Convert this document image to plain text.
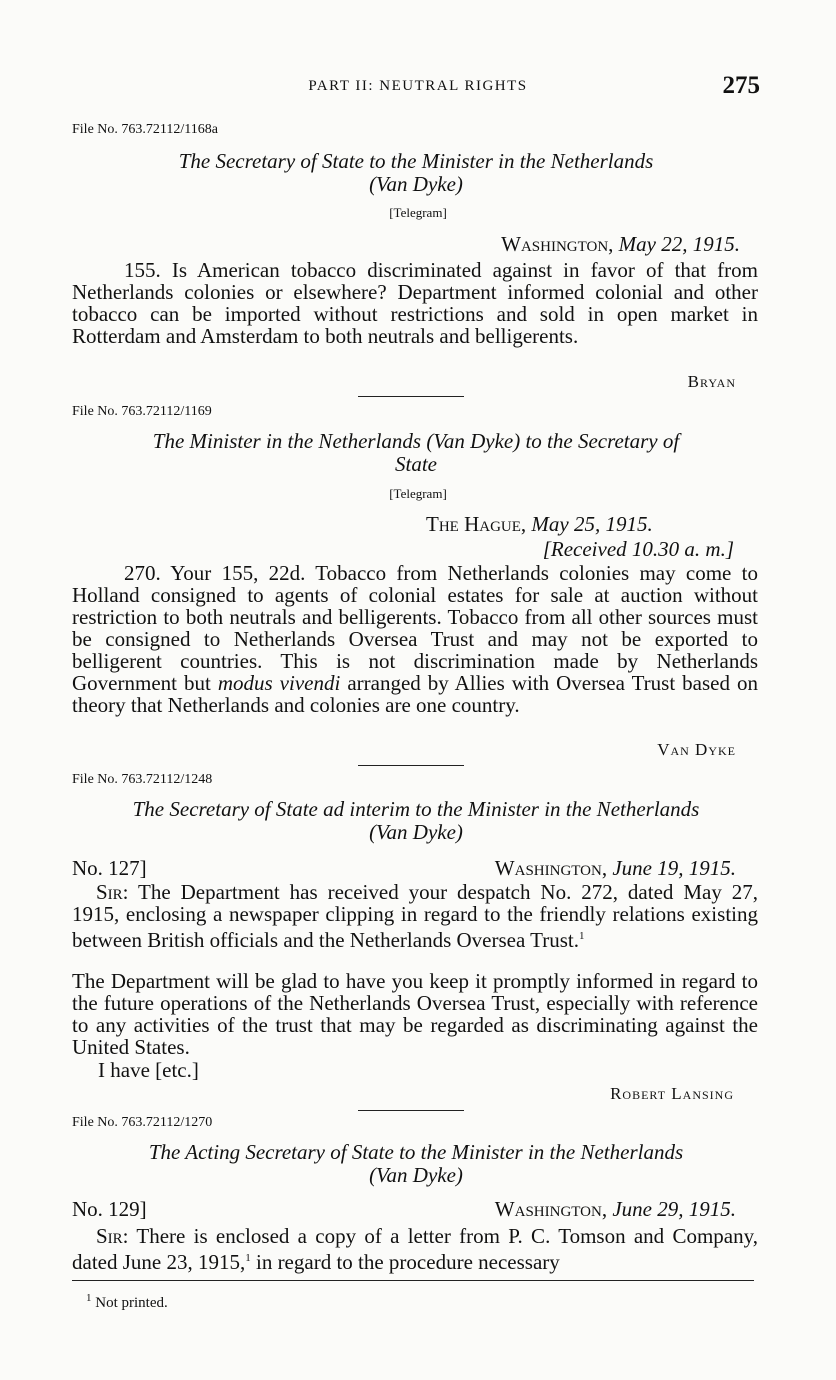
PART II: NEUTRAL RIGHTS	275
File No. 763.72112/1168a
The Secretary of State to the Minister in the Netherlands
(Van Dyke)
[Telegram]
Washington, May 22, 1915.
155. Is American tobacco discriminated against in favor of that from Netherlands colonies or elsewhere? Department informed colonial and other tobacco can be imported without restrictions and sold in open market in Rotterdam and Amsterdam to both neutrals and belligerents.
Bryan
File No. 763.72112/1169
The Minister in the Netherlands (Van Dyke) to the Secretary of
State
[Telegram]
The Hague, May 25, 1915.
[Received 10.30 a. m.]
270. Your 155, 22d. Tobacco from Netherlands colonies may come to Holland consigned to agents of colonial estates for sale at auction without restriction to both neutrals and belligerents. Tobacco from all other sources must be consigned to Netherlands Oversea Trust and may not be exported to belligerent countries. This is not discrimination made by Netherlands Government but modus vivendi arranged by Allies with Oversea Trust based on theory that Netherlands and colonies are one country.
Van Dyke
File No. 763.72112/1248
The Secretary of State ad interim to the Minister in the Netherlands
(Van Dyke)
No. 127]	Washington, June 19, 1915.
Sir: The Department has received your despatch No. 272, dated May 27, 1915, enclosing a newspaper clipping in regard to the friendly relations existing between British officials and the Netherlands Oversea Trust.$^1$
The Department will be glad to have you keep it promptly informed in regard to the future operations of the Netherlands Oversea Trust, especially with reference to any activities of the trust that may be regarded as discriminating against the United States.
I have [etc.]
Robert Lansing
File No. 763.72112/1270
The Acting Secretary of State to the Minister in the Netherlands
(Van Dyke)
No. 129]	Washington, June 29, 1915.
Sir: There is enclosed a copy of a letter from P. C. Tomson and Company, dated June 23, 1915,$^1$ in regard to the procedure necessary
$^1$ Not printed.
